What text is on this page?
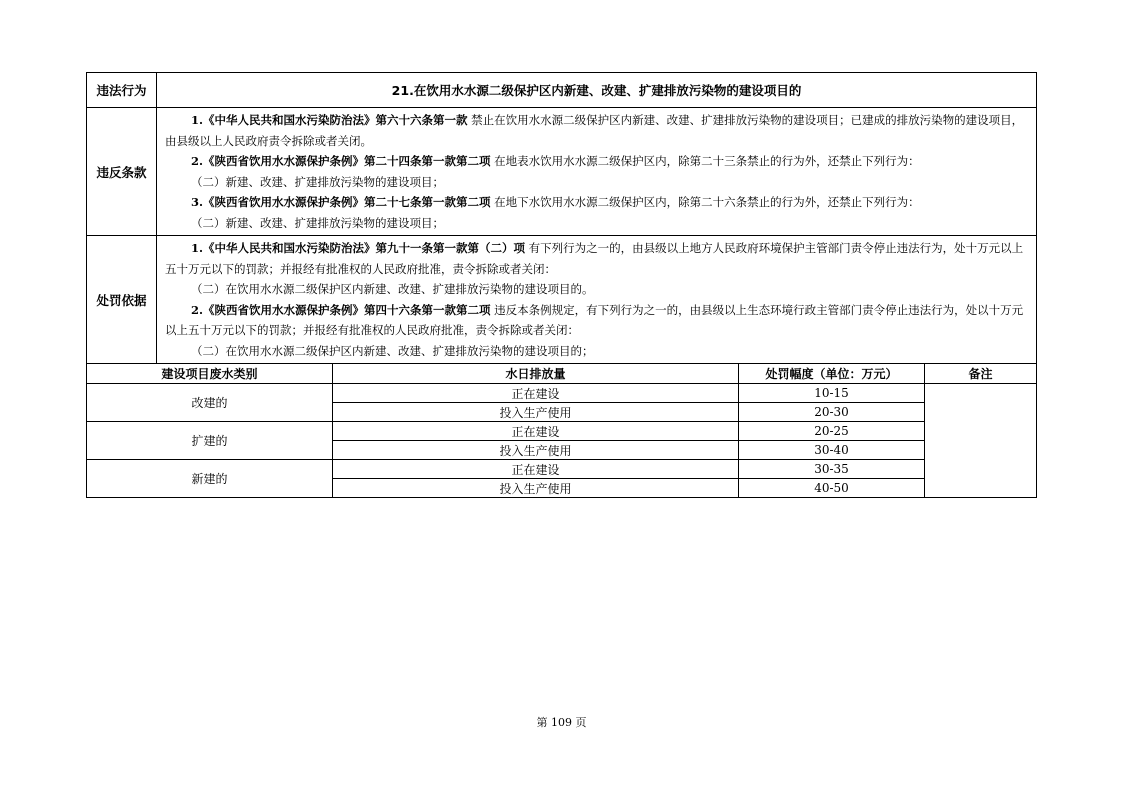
违法行为	21.在饮用水水源二级保护区内新建、改建、扩建排放污染物的建设项目的
违反条款	1.《中华人民共和国水污染防治法》第六十六条第一款 禁止在饮用水水源二级保护区内新建、改建、扩建排放污染物的建设项目；已建成的排放污染物的建设项目，由县级以上人民政府责令拆除或者关闭。

2.《陕西省饮用水水源保护条例》第二十四条第一款第二项 在地表水饮用水水源二级保护区内，除第二十三条禁止的行为外，还禁止下列行为：

（二）新建、改建、扩建排放污染物的建设项目；

3.《陕西省饮用水水源保护条例》第二十七条第一款第二项 在地下水饮用水水源二级保护区内，除第二十六条禁止的行为外，还禁止下列行为：

（二）新建、改建、扩建排放污染物的建设项目；

处罚依据	1.《中华人民共和国水污染防治法》第九十一条第一款第（二）项 有下列行为之一的，由县级以上地方人民政府环境保护主管部门责令停止违法行为，处十万元以上五十万元以下的罚款；并报经有批准权的人民政府批准，责令拆除或者关闭：

（二）在饮用水水源二级保护区内新建、改建、扩建排放污染物的建设项目的。

2.《陕西省饮用水水源保护条例》第四十六条第一款第二项 违反本条例规定，有下列行为之一的，由县级以上生态环境行政主管部门责令停止违法行为，处以十万元以上五十万元以下的罚款；并报经有批准权的人民政府批准，责令拆除或者关闭：

（二）在饮用水水源二级保护区内新建、改建、扩建排放污染物的建设项目的；

建设项目废水类别	水日排放量	处罚幅度（单位：万元）	备注
改建的	正在建设	10-15	
	投入生产使用	20-30	
扩建的	正在建设	20-25	
	投入生产使用	30-40	
新建的	正在建设	30-35	
	投入生产使用	40-50	
第 109 页
